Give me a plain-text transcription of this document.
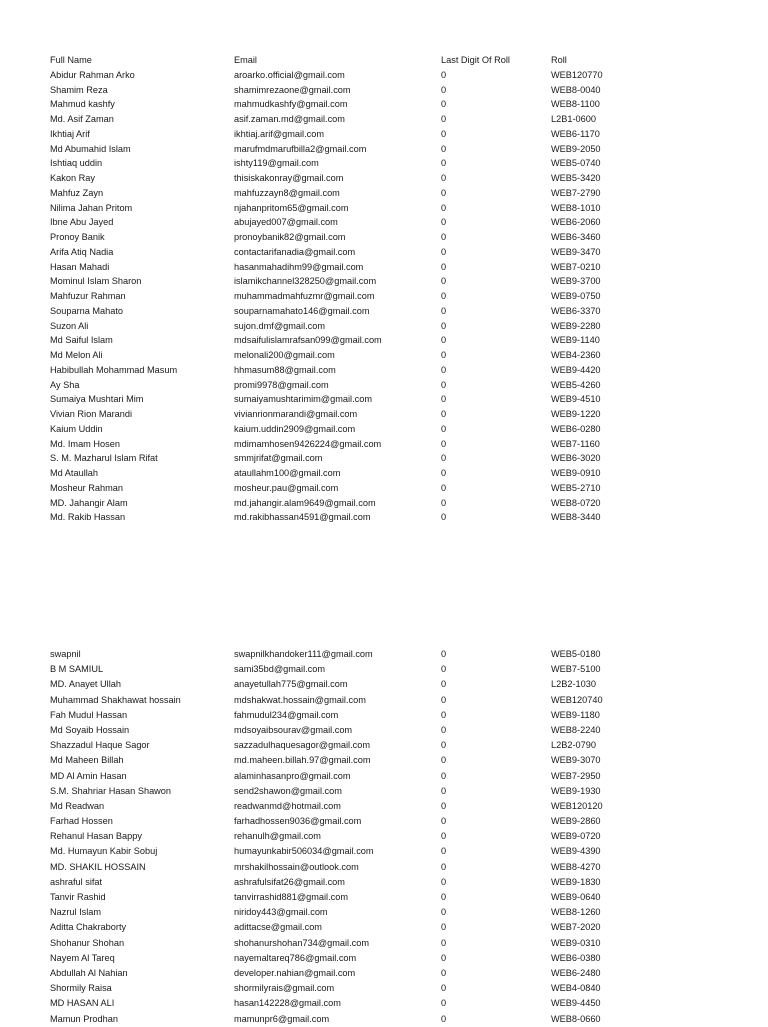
Full Name	Email	Last Digit Of Roll	Roll
Abidur Rahman Arko	aroarko.official@gmail.com	0	WEB120770
Shamim Reza	shamimrezaone@gmail.com	0	WEB8-0040
Mahmud kashfy	mahmudkashfy@gmail.com	0	WEB8-1100
Md. Asif Zaman	asif.zaman.md@gmail.com	0	L2B1-0600
Ikhtiaj Arif	ikhtiaj.arif@gmail.com	0	WEB6-1170
Md Abumahid Islam	marufmdmarufbilla2@gmail.com	0	WEB9-2050
Ishtiaq uddin	ishty119@gmail.com	0	WEB5-0740
Kakon Ray	thisiskakonray@gmail.com	0	WEB5-3420
Mahfuz Zayn	mahfuzzayn8@gmail.com	0	WEB7-2790
Nilima Jahan Pritom	njahanpritom65@gmail.com	0	WEB8-1010
Ibne Abu Jayed	abujayed007@gmail.com	0	WEB6-2060
Pronoy Banik	pronoybanik82@gmail.com	0	WEB6-3460
Arifa Atiq Nadia	contactarifanadia@gmail.com	0	WEB9-3470
Hasan Mahadi	hasanmahadihm99@gmail.com	0	WEB7-0210
Mominul Islam Sharon	islamikchannel328250@gmail.com	0	WEB9-3700
Mahfuzur Rahman	muhammadmahfuzmr@gmail.com	0	WEB9-0750
Souparna Mahato	souparnamahato146@gmail.com	0	WEB6-3370
Suzon Ali	sujon.dmf@gmail.com	0	WEB9-2280
Md Saiful Islam	mdsaifulislamrafsan099@gmail.com	0	WEB9-1140
Md Melon Ali	melonali200@gmail.com	0	WEB4-2360
Habibullah Mohammad Masum	hhmasum88@gmail.com	0	WEB9-4420
Ay Sha	promi9978@gmail.com	0	WEB5-4260
Sumaiya Mushtari Mim	sumaiyamushtarimim@gmail.com	0	WEB9-4510
Vivian Rion Marandi	vivianrionmarandi@gmail.com	0	WEB9-1220
Kaium Uddin	kaium.uddin2909@gmail.com	0	WEB6-0280
Md. Imam Hosen	mdimamhosen9426224@gmail.com	0	WEB7-1160
S. M. Mazharul Islam Rifat	smmjrifat@gmail.com	0	WEB6-3020
Md Ataullah	ataullahm100@gmail.com	0	WEB9-0910
Mosheur Rahman	mosheur.pau@gmail.com	0	WEB5-2710
MD. Jahangir Alam	md.jahangir.alam9649@gmail.com	0	WEB8-0720
Md. Rakib Hassan	md.rakibhassan4591@gmail.com	0	WEB8-3440
swapnil	swapnilkhandoker111@gmail.com	0	WEB5-0180
B M SAMIUL	sami35bd@gmail.com	0	WEB7-5100
MD. Anayet Ullah	anayetullah775@gmail.com	0	L2B2-1030
Muhammad Shakhawat hossain	mdshakwat.hossain@gmail.com	0	WEB120740
Fah Mudul Hassan	fahmudul234@gmail.com	0	WEB9-1180
Md Soyaib Hossain	mdsoyaibsourav@gmail.com	0	WEB8-2240
Shazzadul Haque Sagor	sazzadulhaquesagor@gmail.com	0	L2B2-0790
Md Maheen Billah	md.maheen.billah.97@gmail.com	0	WEB9-3070
MD Al Amin Hasan	alaminhasanpro@gmail.com	0	WEB7-2950
S.M. Shahriar Hasan Shawon	send2shawon@gmail.com	0	WEB9-1930
Md Readwan	readwanmd@hotmail.com	0	WEB120120
Farhad Hossen	farhadhossen9036@gmail.com	0	WEB9-2860
Rehanul Hasan Bappy	rehanulh@gmail.com	0	WEB9-0720
Md. Humayun Kabir Sobuj	humayunkabir506034@gmail.com	0	WEB9-4390
MD. SHAKIL HOSSAIN	mrshakilhossain@outlook.com	0	WEB8-4270
ashraful sifat	ashrafulsifat26@gmail.com	0	WEB9-1830
Tanvir Rashid	tanvirrashid881@gmail.com	0	WEB9-0640
Nazrul Islam	niridoy443@gmail.com	0	WEB8-1260
Aditta Chakraborty	adittacse@gmail.com	0	WEB7-2020
Shohanur Shohan	shohanurshohan734@gmail.com	0	WEB9-0310
Nayem Al Tareq	nayemaltareq786@gmail.com	0	WEB6-0380
Abdullah Al Nahian	developer.nahian@gmail.com	0	WEB6-2480
Shormily Raisa	shormilyrais@gmail.com	0	WEB4-0840
MD HASAN ALI	hasan142228@gmail.com	0	WEB9-4450
Mamun Prodhan	mamunpr6@gmail.com	0	WEB8-0660
